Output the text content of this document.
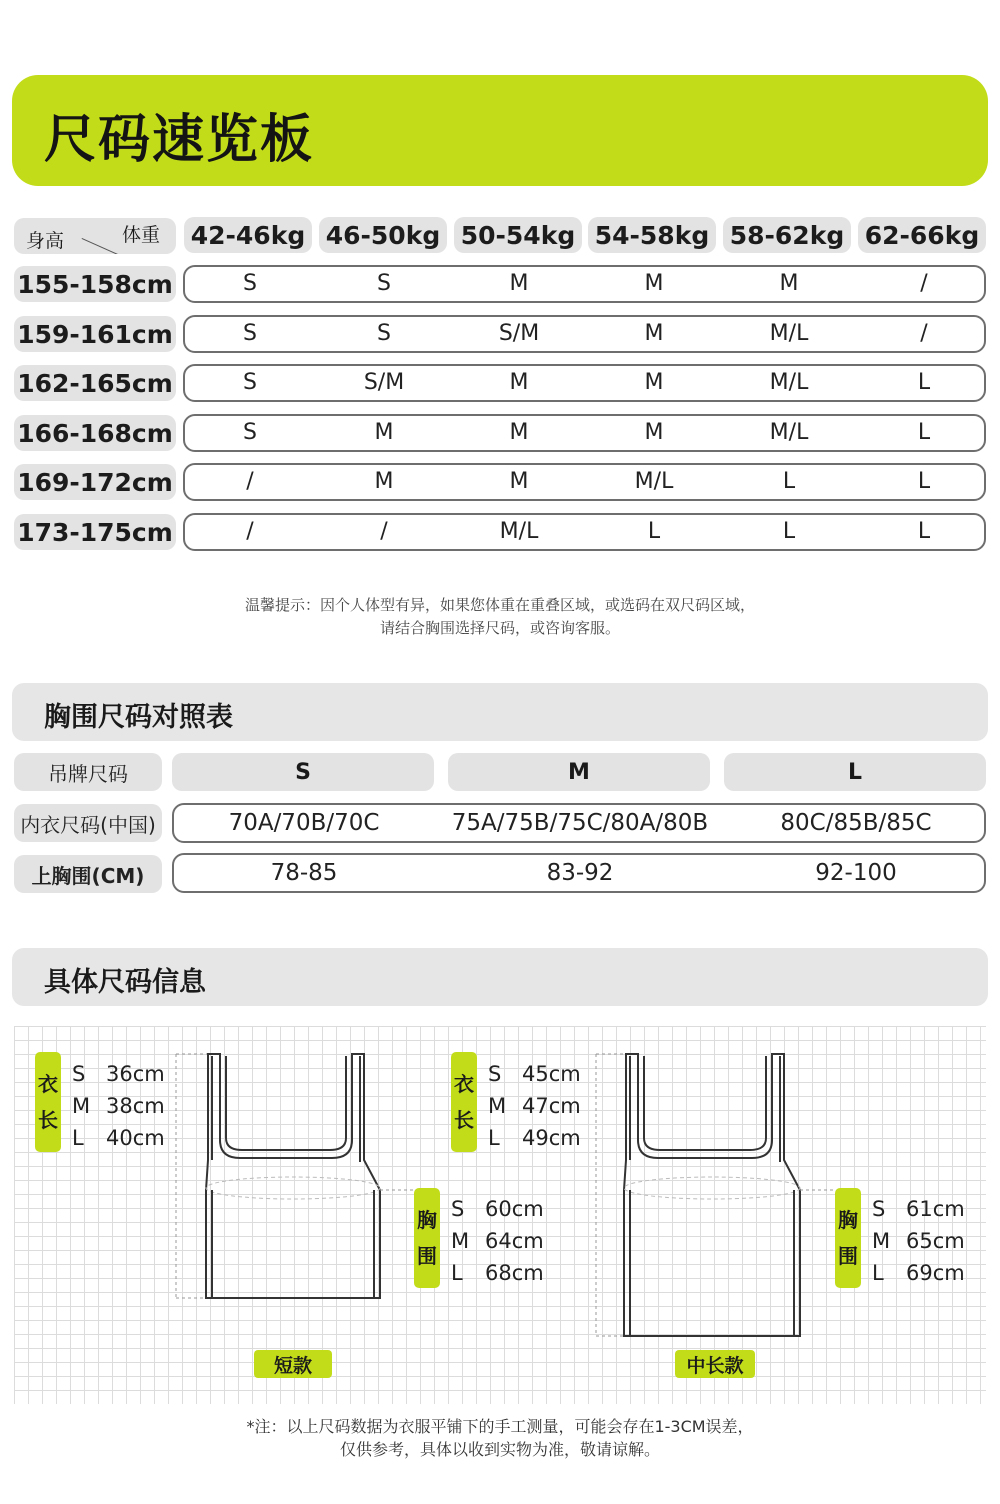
尺码速览板
身高	体重 42-46kg 46-50kg 50-54kg 54-58kg 58-62kg 62-66kg
155-158cm	S	S	M	M	M	/
159-161cm	S	S	S/M	M	M/L	/
162-165cm	S	S/M	M	M	M/L	L
166-168cm	S	M	M	M	M/L	L
169-172cm	/	M	M	M/L	L	L
173-175cm	/	/	M/L	L	L	L
温馨提示：因个人体型有异，如果您体重在重叠区域，或选码在双尺码区域，
请结合胸围选择尺码，或咨询客服。
胸围尺码对照表
吊牌尺码	S	M	L
内衣尺码(中国)	70A/70B/70C	75A/75B/75C/80A/80B	80C/85B/85C
上胸围(CM)	78-85	83-92	92-100
具体尺码信息
衣
长
S 36cm
M 38cm
L 40cm
胸
围
S 60cm
M 64cm
L 68cm
短款
衣
长
S 45cm
M 47cm
L 49cm
胸
围
S 61cm
M 65cm
L 69cm
中长款
*注：以上尺码数据为衣服平铺下的手工测量，可能会存在1-3CM误差，
仅供参考，具体以收到实物为准，敬请谅解。
